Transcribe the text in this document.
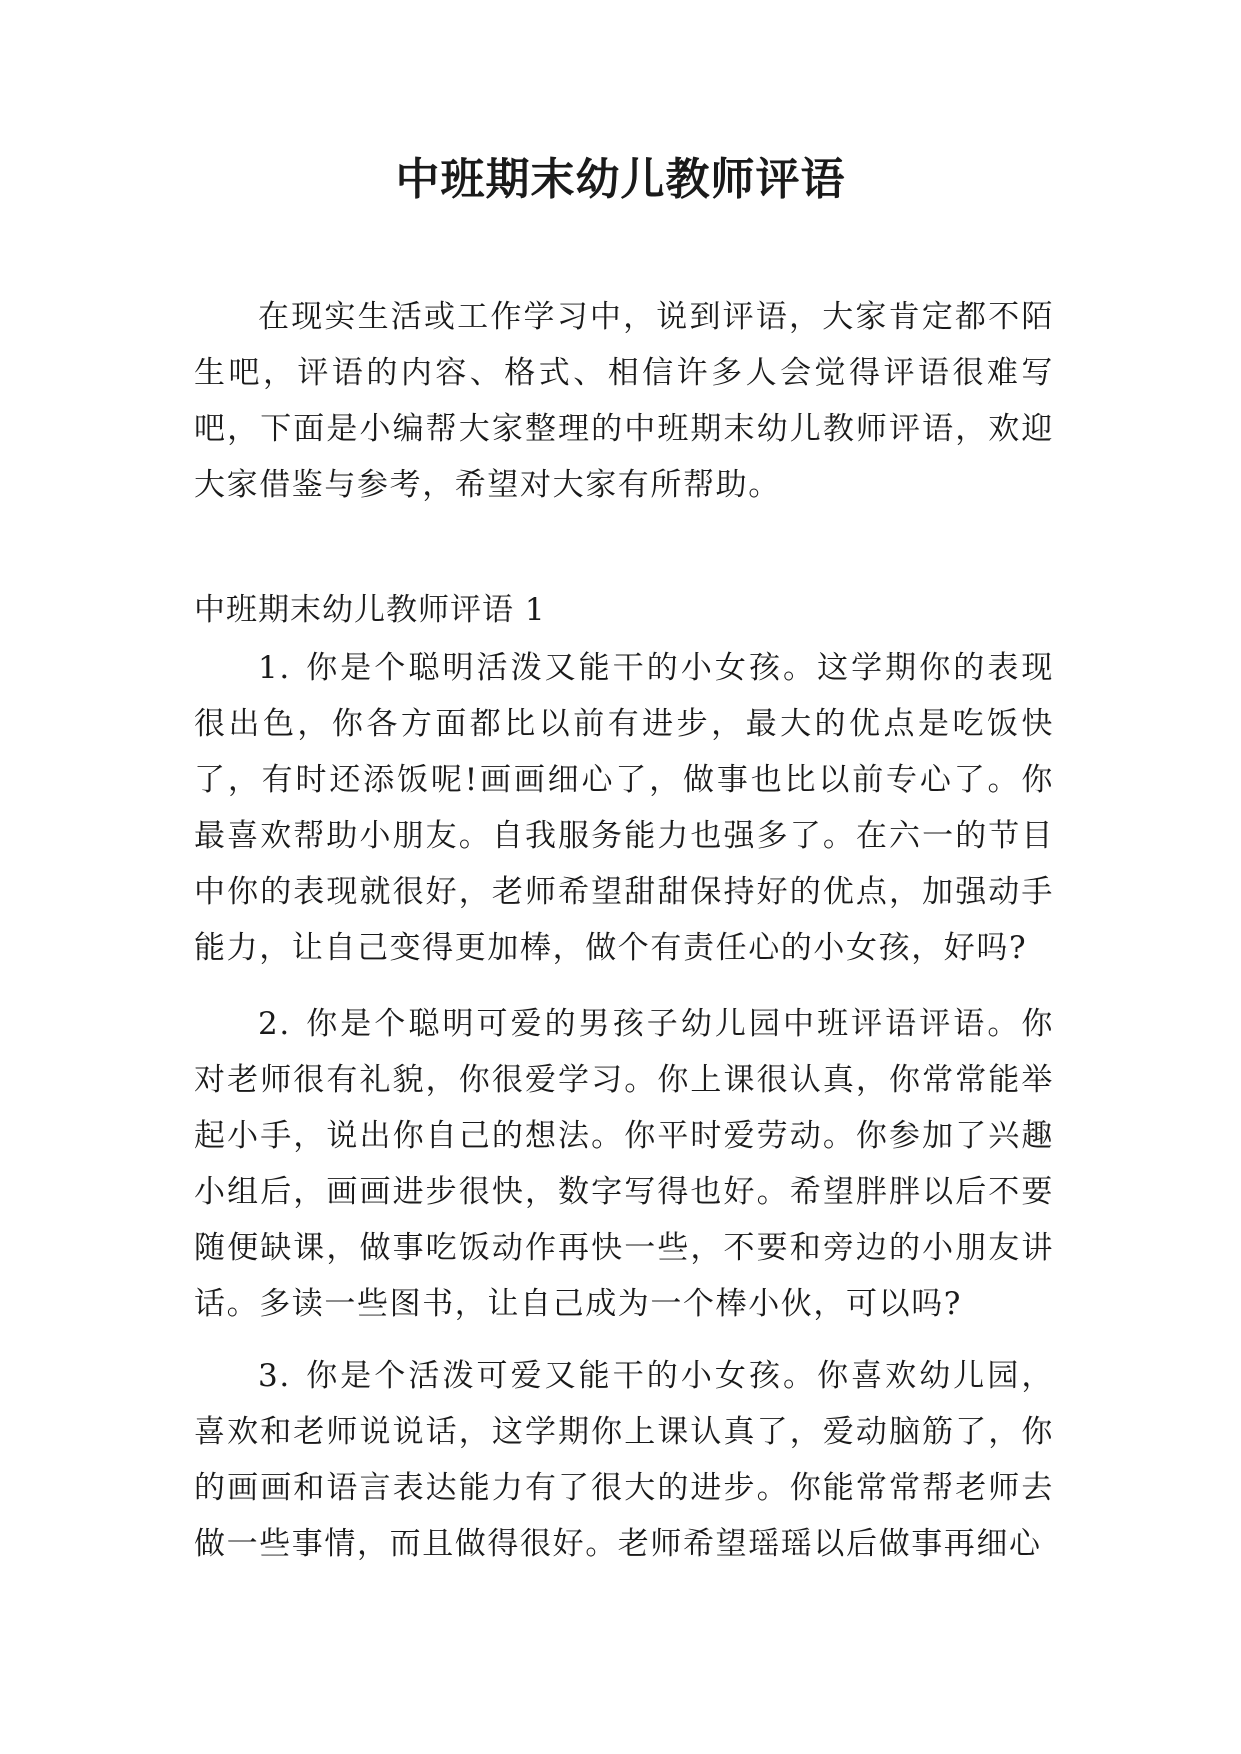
中班期末幼儿教师评语

在现实生活或工作学习中，说到评语，大家肯定都不陌生吧，评语的内容、格式、相信许多人会觉得评语很难写吧，下面是小编帮大家整理的中班期末幼儿教师评语，欢迎大家借鉴与参考，希望对大家有所帮助。

中班期末幼儿教师评语 1

1. 你是个聪明活泼又能干的小女孩。这学期你的表现很出色，你各方面都比以前有进步，最大的优点是吃饭快了，有时还添饭呢!画画细心了，做事也比以前专心了。你最喜欢帮助小朋友。自我服务能力也强多了。在六一的节目中你的表现就很好，老师希望甜甜保持好的优点，加强动手能力，让自己变得更加棒，做个有责任心的小女孩，好吗?

2. 你是个聪明可爱的男孩子幼儿园中班评语评语。你对老师很有礼貌，你很爱学习。你上课很认真，你常常能举起小手，说出你自己的想法。你平时爱劳动。你参加了兴趣小组后，画画进步很快，数字写得也好。希望胖胖以后不要随便缺课，做事吃饭动作再快一些，不要和旁边的小朋友讲话。多读一些图书，让自己成为一个棒小伙，可以吗?

3. 你是个活泼可爱又能干的小女孩。你喜欢幼儿园，喜欢和老师说说话，这学期你上课认真了，爱动脑筋了，你的画画和语言表达能力有了很大的进步。你能常常帮老师去做一些事情，而且做得很好。老师希望瑶瑶以后做事再细心
